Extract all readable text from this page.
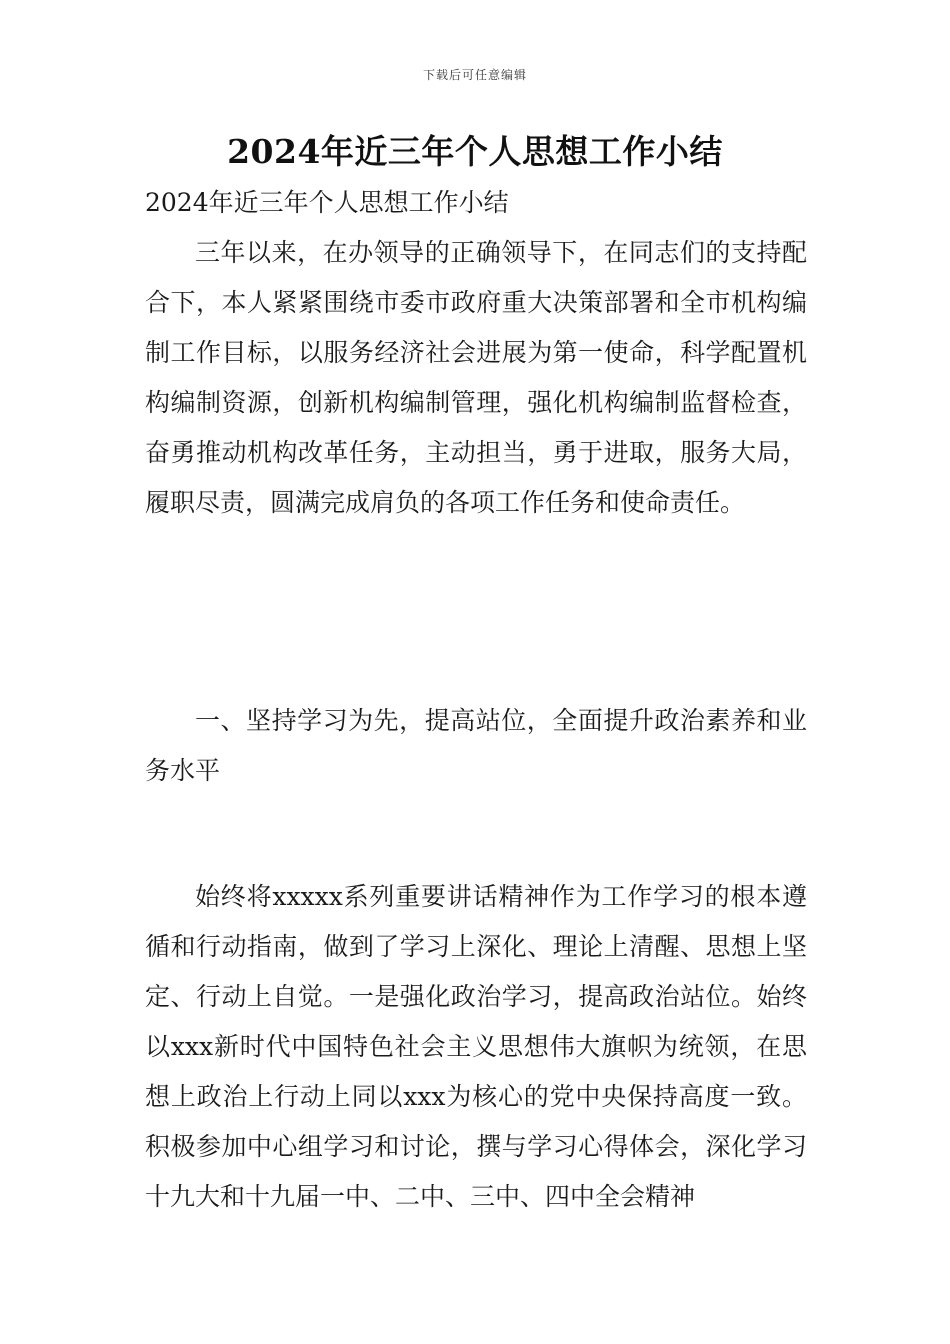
下载后可任意编辑
2024年近三年个人思想工作小结
2024年近三年个人思想工作小结

三年以来，在办领导的正确领导下，在同志们的支持配合下，本人紧紧围绕市委市政府重大决策部署和全市机构编制工作目标，以服务经济社会进展为第一使命，科学配置机构编制资源，创新机构编制管理，强化机构编制监督检查，奋勇推动机构改革任务，主动担当，勇于进取，服务大局，履职尽责，圆满完成肩负的各项工作任务和使命责任。

一、坚持学习为先，提高站位，全面提升政治素养和业务水平

始终将xxxxx系列重要讲话精神作为工作学习的根本遵循和行动指南，做到了学习上深化、理论上清醒、思想上坚定、行动上自觉。一是强化政治学习，提高政治站位。始终以xxx新时代中国特色社会主义思想伟大旗帜为统领，在思想上政治上行动上同以xxx为核心的党中央保持高度一致。积极参加中心组学习和讨论，撰与学习心得体会，深化学习十九大和十九届一中、二中、三中、四中全会精神
